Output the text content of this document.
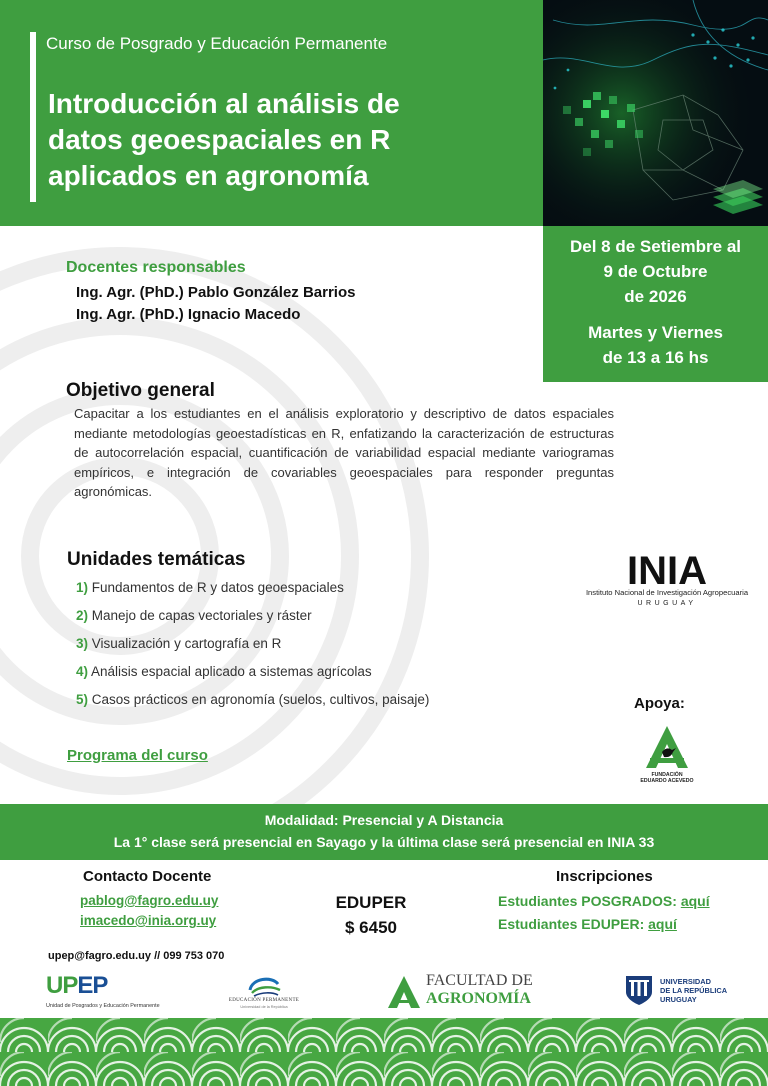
Curso de Posgrado y Educación Permanente
Introducción al análisis de
datos geoespaciales en R
aplicados en agronomía
Del 8 de Setiembre al
9 de Octubre
de 2026
Martes y Viernes
de 13 a 16 hs
Docentes responsables
Ing. Agr. (PhD.) Pablo González Barrios
Ing. Agr. (PhD.) Ignacio Macedo
Objetivo general
Capacitar a los estudiantes en el análisis exploratorio y descriptivo de datos espaciales mediante metodologías geoestadísticas en R, enfatizando la caracterización de estructuras de autocorrelación espacial, cuantificación de variabilidad espacial mediante variogramas empíricos, e integración de covariables geoespaciales para responder preguntas agronómicas.
Unidades temáticas
1) Fundamentos de R y datos geoespaciales
2) Manejo de capas vectoriales y ráster
3) Visualización y cartografía en R
4) Análisis espacial aplicado a sistemas agrícolas
5) Casos prácticos en agronomía (suelos, cultivos, paisaje)
Programa del curso
INIA
Instituto Nacional de Investigación Agropecuaria
URUGUAY
Apoya:
FUNDACIÓN
EDUARDO ACEVEDO
Modalidad: Presencial y A Distancia
La 1° clase será presencial en Sayago y la última clase será presencial en INIA 33
Contacto Docente
pablog@fagro.edu.uy
imacedo@inia.org.uy
EDUPER
$ 6450
Inscripciones
Estudiantes POSGRADOS: aquí
Estudiantes EDUPER: aquí
upep@fagro.edu.uy // 099 753 070
UPEP
Unidad de Posgrados y Educación Permanente
EDUCACIÓN PERMANENTE
Universidad de la República
FACULTAD DE
AGRONOMÍA
UNIVERSIDAD
DE LA REPÚBLICA
URUGUAY
